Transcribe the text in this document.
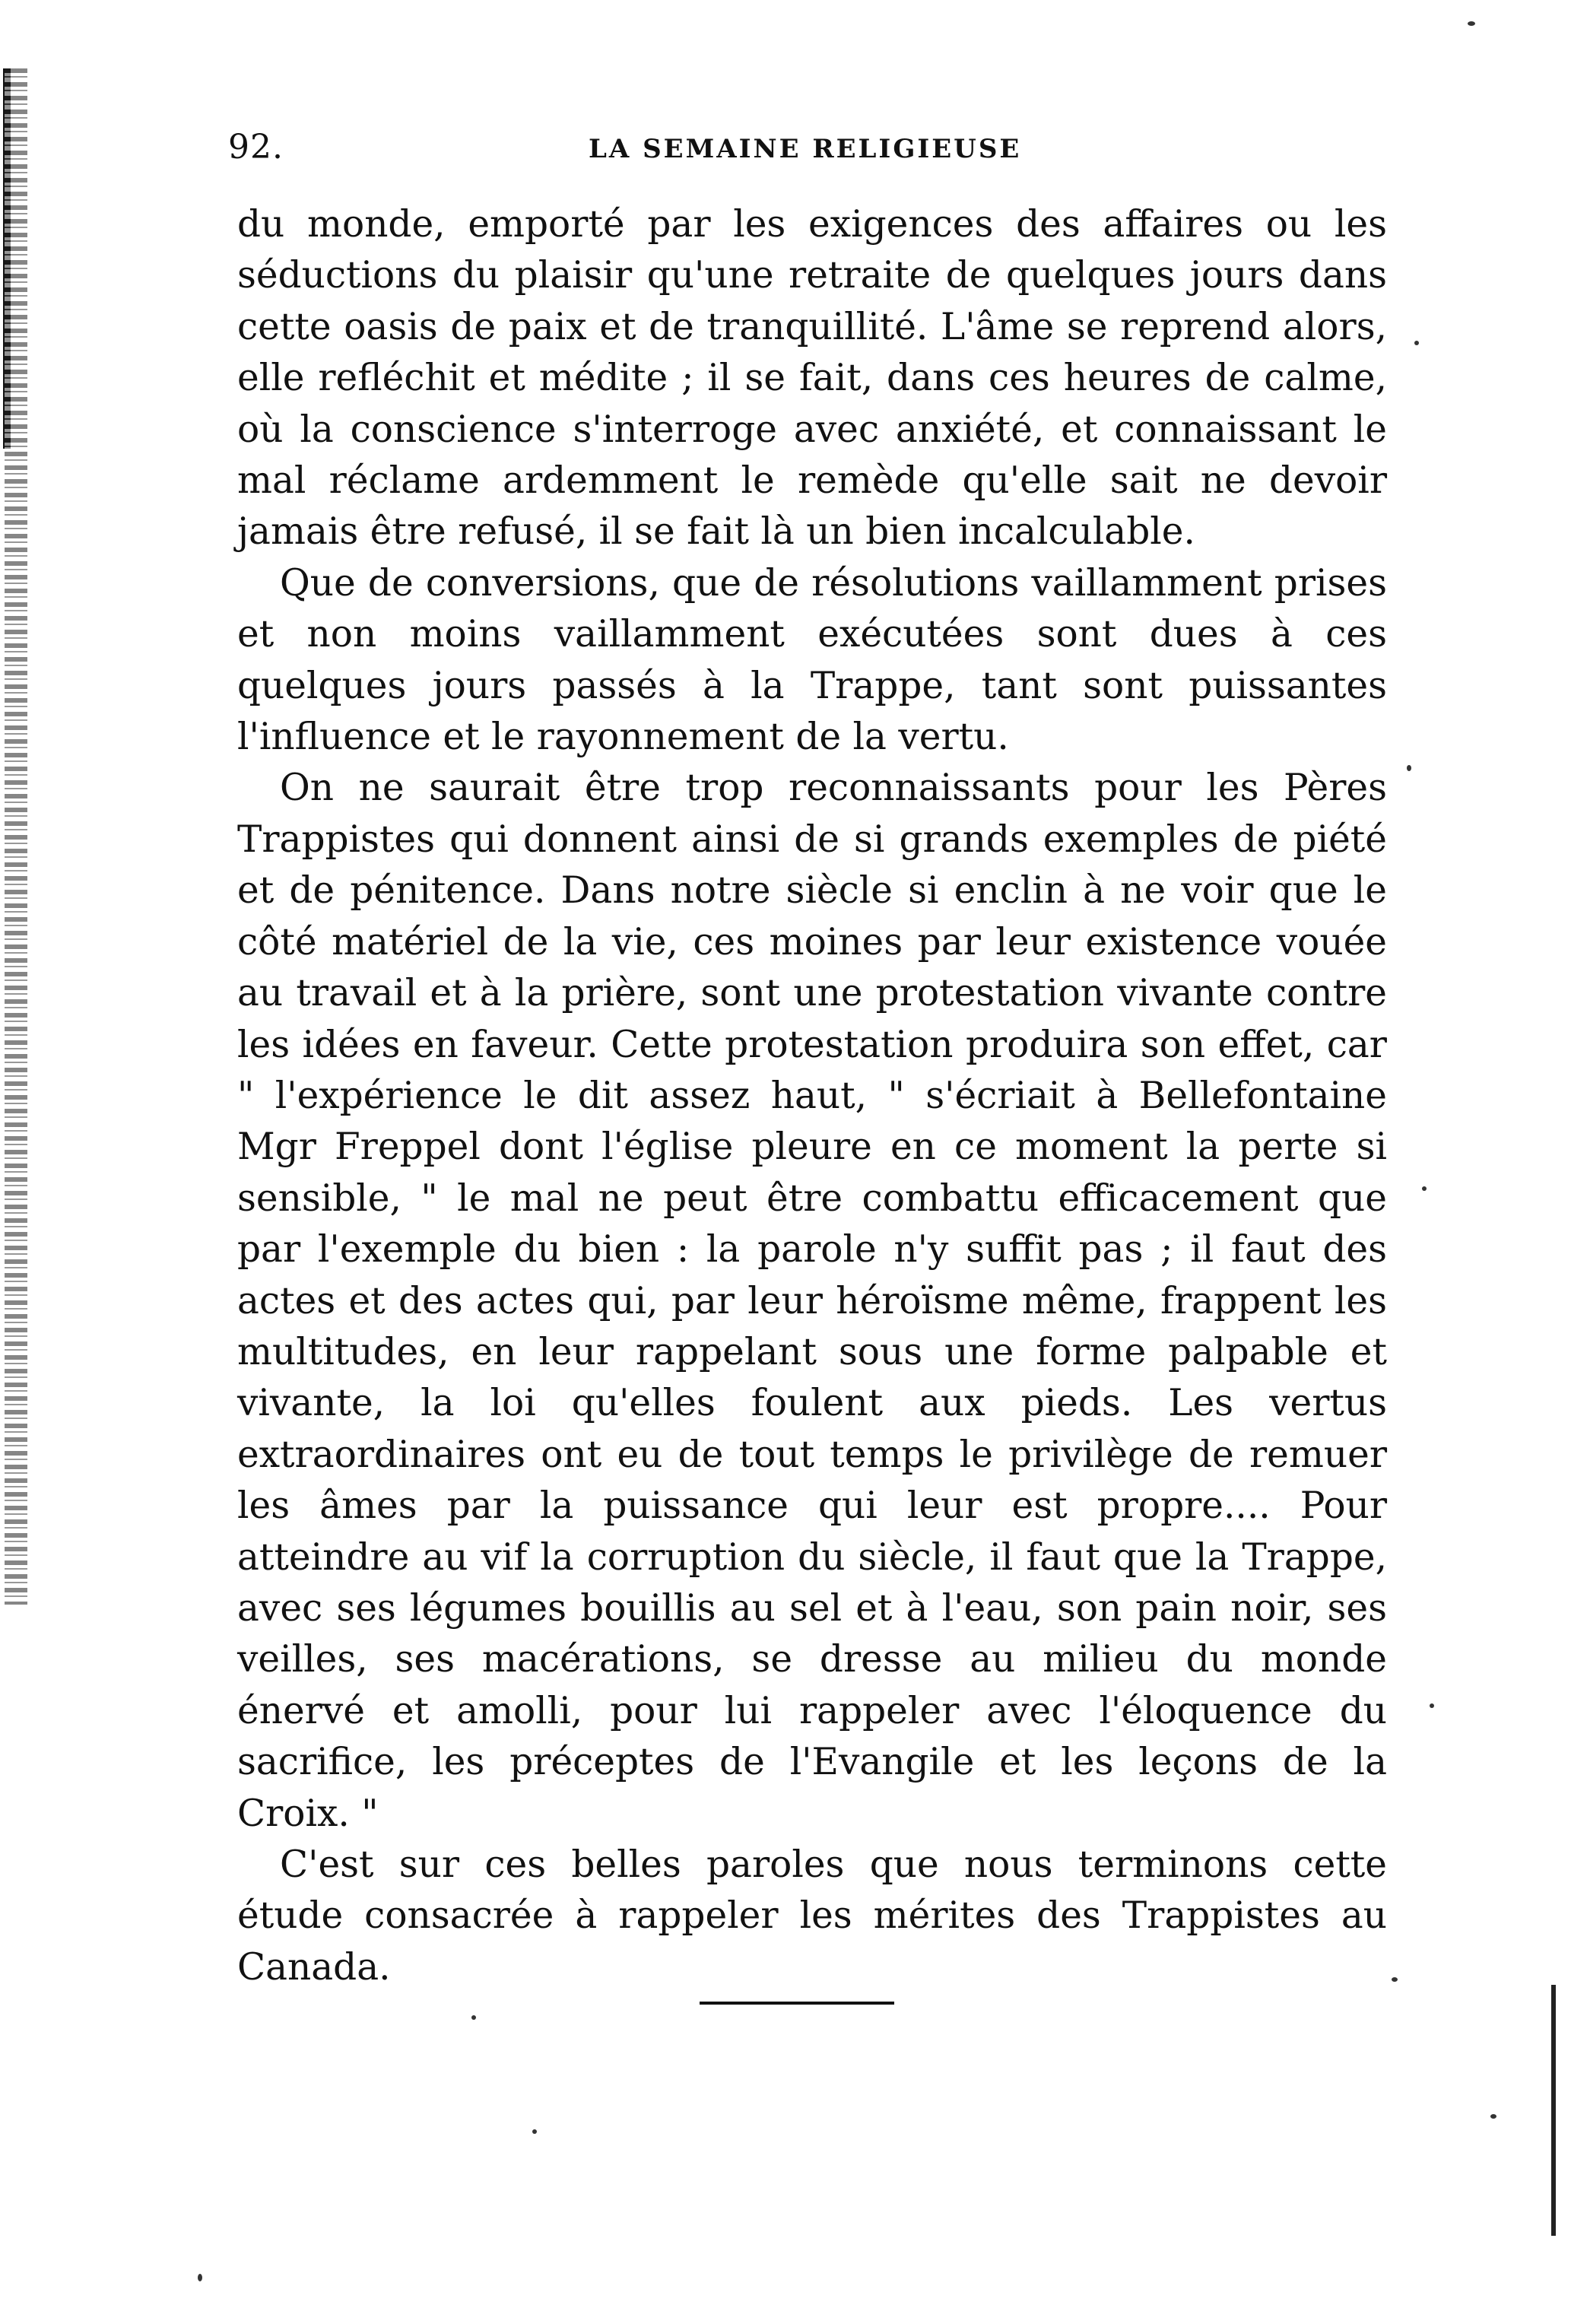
92.	LA SEMAINE RELIGIEUSE

du monde, emporté par les exigences des affaires ou les séductions du plaisir qu'une retraite de quelques jours dans cette oasis de paix et de tranquillité. L'âme se reprend alors, elle refléchit et médite ; il se fait, dans ces heures de calme, où la conscience s'interroge avec anxiété, et connaissant le mal réclame ardemment le remède qu'elle sait ne devoir jamais être refusé, il se fait là un bien incalculable.

Que de conversions, que de résolutions vaillamment prises et non moins vaillamment exécutées sont dues à ces quelques jours passés à la Trappe, tant sont puissantes l'influence et le rayonnement de la vertu.

On ne saurait être trop reconnaissants pour les Pères Trappistes qui donnent ainsi de si grands exemples de piété et de pénitence. Dans notre siècle si enclin à ne voir que le côté matériel de la vie, ces moines par leur existence vouée au travail et à la prière, sont une protestation vivante contre les idées en faveur. Cette protestation produira son effet, car " l'expérience le dit assez haut, " s'écriait à Bellefontaine Mgr Freppel dont l'église pleure en ce moment la perte si sensible, " le mal ne peut être combattu efficacement que par l'exemple du bien : la parole n'y suffit pas ; il faut des actes et des actes qui, par leur héroïsme même, frappent les multitudes, en leur rappelant sous une forme palpable et vivante, la loi qu'elles foulent aux pieds. Les vertus extraordinaires ont eu de tout temps le privilège de remuer les âmes par la puissance qui leur est propre.... Pour atteindre au vif la corruption du siècle, il faut que la Trappe, avec ses légumes bouillis au sel et à l'eau, son pain noir, ses veilles, ses macérations, se dresse au milieu du monde énervé et amolli, pour lui rappeler avec l'éloquence du sacrifice, les préceptes de l'Evangile et les leçons de la Croix. "

C'est sur ces belles paroles que nous terminons cette étude consacrée à rappeler les mérites des Trappistes au Canada.
